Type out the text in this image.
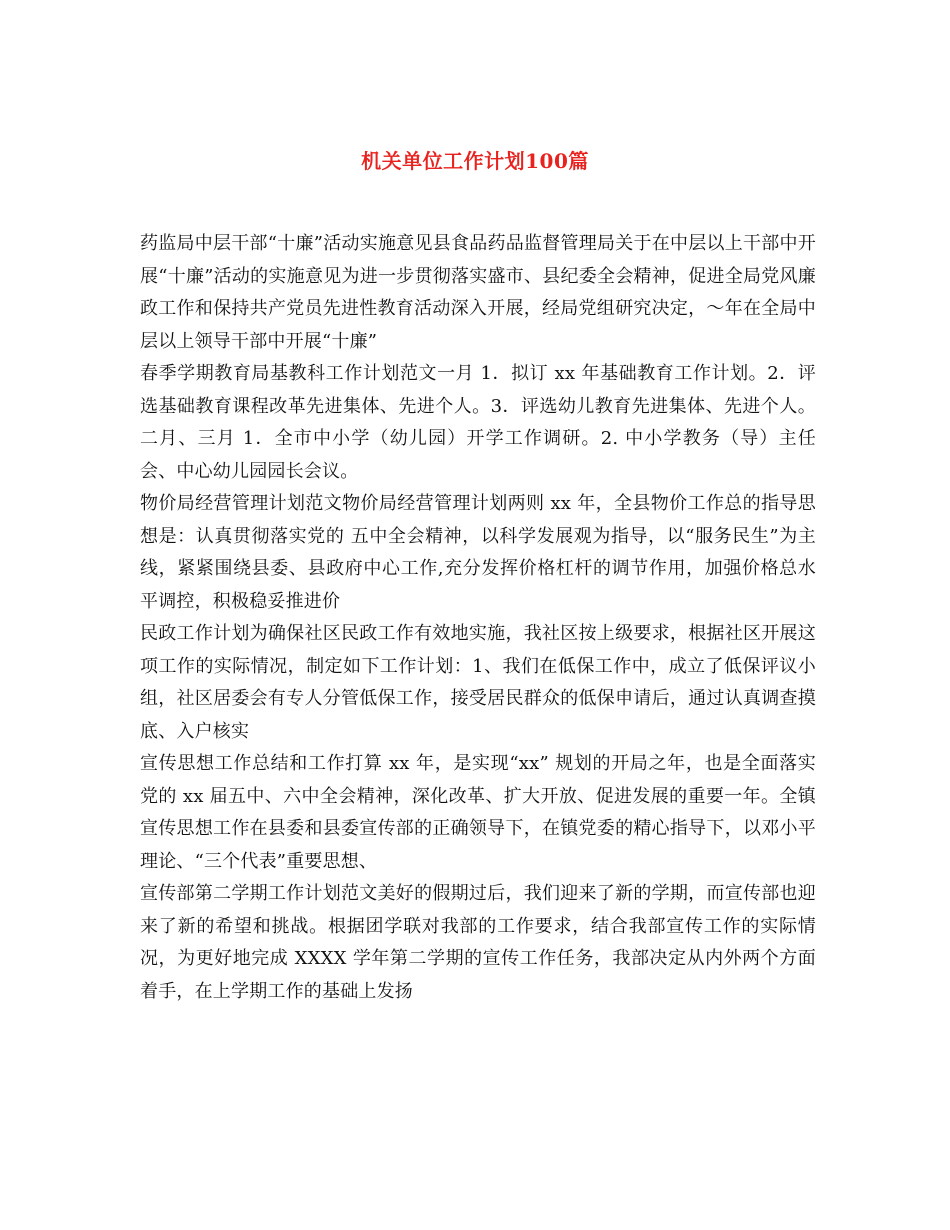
机关单位工作计划100篇

药监局中层干部“十廉”活动实施意见县食品药品监督管理局关于在中层以上干部中开展“十廉”活动的实施意见为进一步贯彻落实盛市、县纪委全会精神，促进全局党风廉政工作和保持共产党员先进性教育活动深入开展，经局党组研究决定，～年在全局中层以上领导干部中开展“十廉”

春季学期教育局基教科工作计划范文一月 1．拟订 xx 年基础教育工作计划。2．评选基础教育课程改革先进集体、先进个人。3．评选幼儿教育先进集体、先进个人。二月、三月 1．全市中小学（幼儿园）开学工作调研。2. 中小学教务（导）主任会、中心幼儿园园长会议。

物价局经营管理计划范文物价局经营管理计划两则 xx 年，全县物价工作总的指导思想是：认真贯彻落实党的 五中全会精神，以科学发展观为指导，以“服务民生”为主线，紧紧围绕县委、县政府中心工作,充分发挥价格杠杆的调节作用，加强价格总水平调控，积极稳妥推进价

民政工作计划为确保社区民政工作有效地实施，我社区按上级要求，根据社区开展这项工作的实际情况，制定如下工作计划：1、我们在低保工作中，成立了低保评议小组，社区居委会有专人分管低保工作，接受居民群众的低保申请后，通过认真调查摸底、入户核实

宣传思想工作总结和工作打算 xx 年，是实现“xx” 规划的开局之年，也是全面落实党的 xx 届五中、六中全会精神，深化改革、扩大开放、促进发展的重要一年。全镇宣传思想工作在县委和县委宣传部的正确领导下，在镇党委的精心指导下，以邓小平理论、“三个代表”重要思想、

宣传部第二学期工作计划范文美好的假期过后，我们迎来了新的学期，而宣传部也迎来了新的希望和挑战。根据团学联对我部的工作要求，结合我部宣传工作的实际情况，为更好地完成 XXXX 学年第二学期的宣传工作任务，我部决定从内外两个方面着手，在上学期工作的基础上发扬
